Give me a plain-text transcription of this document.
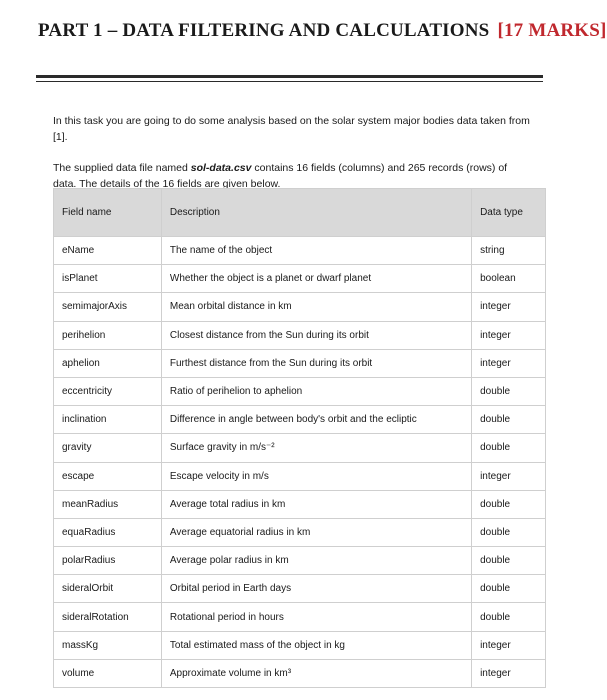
PART 1 – DATA FILTERING AND CALCULATIONS [17 MARKS]

In this task you are going to do some analysis based on the solar system major bodies data taken from [1].

The supplied data file named sol-data.csv contains 16 fields (columns) and 265 records (rows) of data. The details of the 16 fields are given below.

Field name	Description	Data type
eName	The name of the object	string
isPlanet	Whether the object is a planet or dwarf planet	boolean
semimajorAxis	Mean orbital distance in km	integer
perihelion	Closest distance from the Sun during its orbit	integer
aphelion	Furthest distance from the Sun during its orbit	integer
eccentricity	Ratio of perihelion to aphelion	double
inclination	Difference in angle between body's orbit and the ecliptic	double
gravity	Surface gravity in m/s⁻²	double
escape	Escape velocity in m/s	integer
meanRadius	Average total radius in km	double
equaRadius	Average equatorial radius in km	double
polarRadius	Average polar radius in km	double
sideralOrbit	Orbital period in Earth days	double
sideralRotation	Rotational period in hours	double
massKg	Total estimated mass of the object in kg	integer
volume	Approximate volume in km³	integer
